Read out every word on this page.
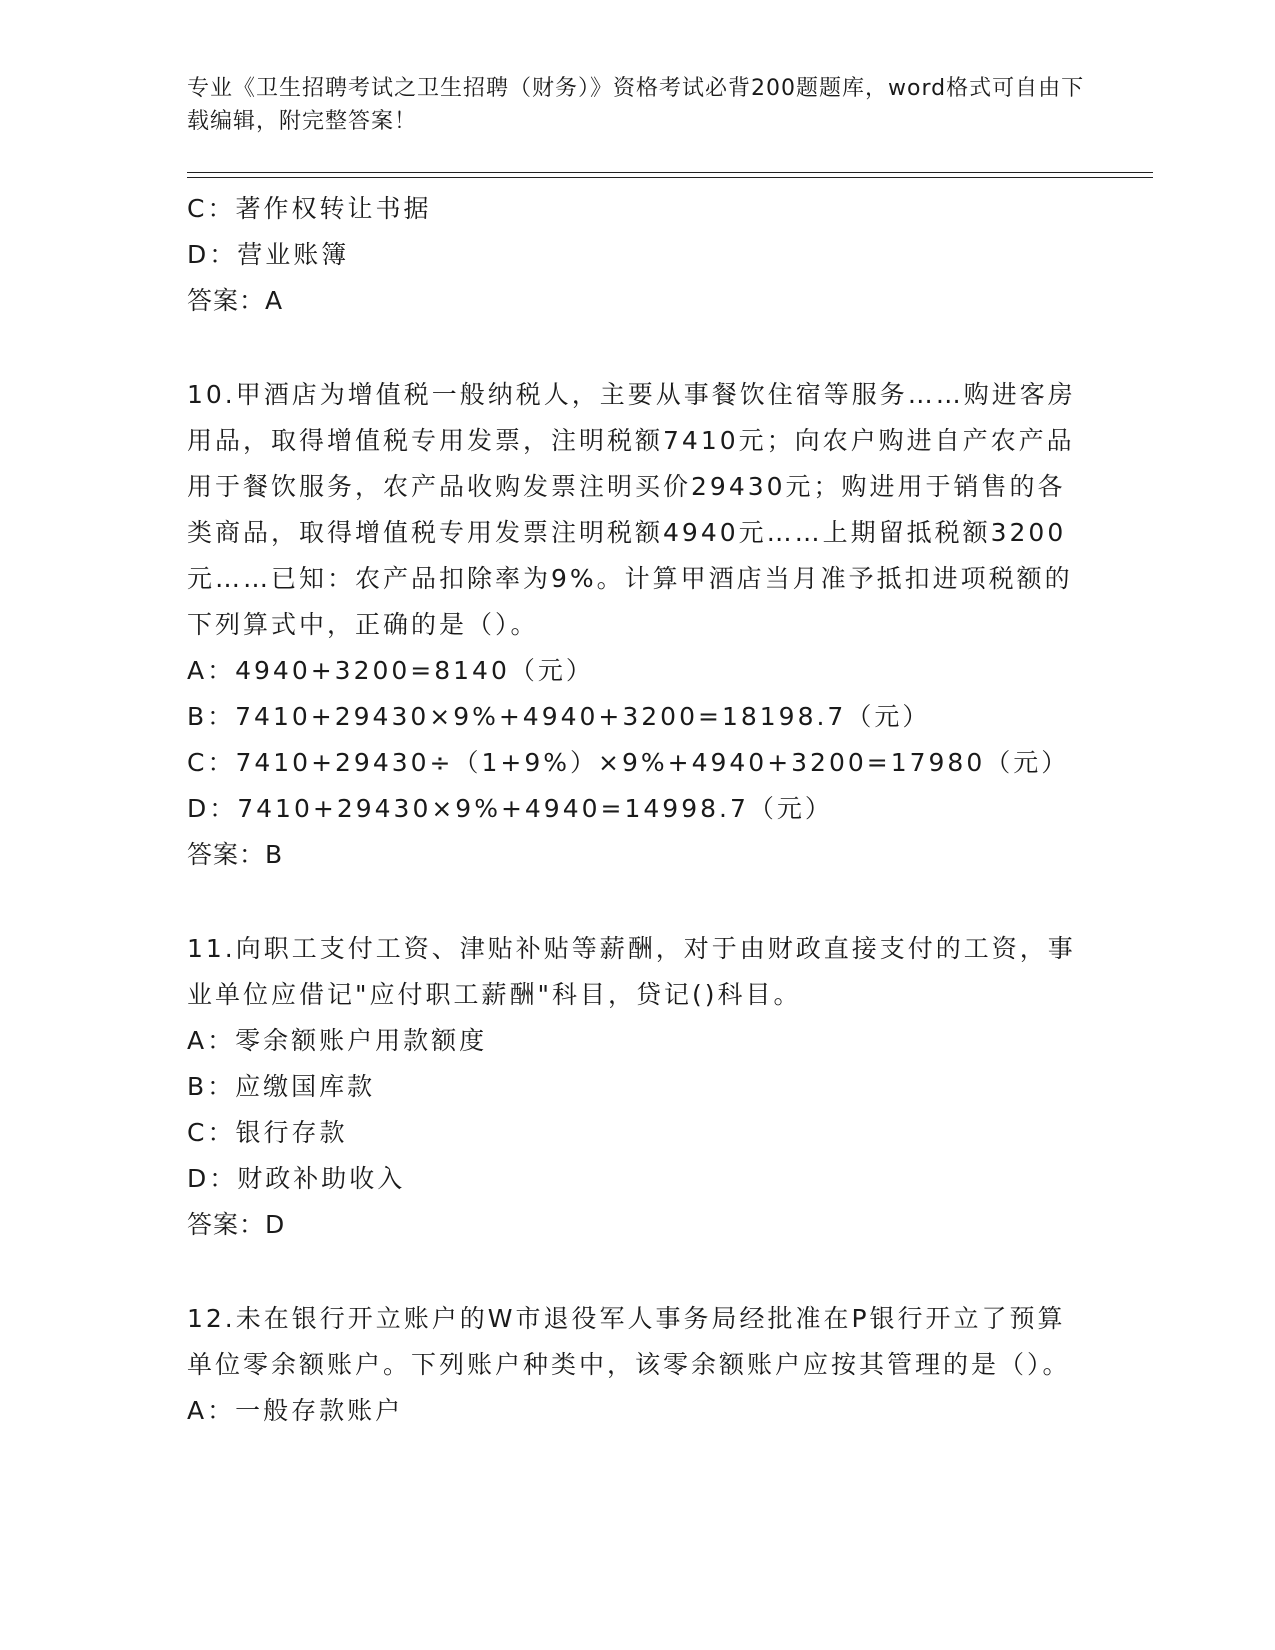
专业《卫生招聘考试之卫生招聘（财务）》资格考试必背200题题库，word格式可自由下载编辑，附完整答案！
C：著作权转让书据
D：营业账簿
答案：A
10.甲酒店为增值税一般纳税人，主要从事餐饮住宿等服务……购进客房用品，取得增值税专用发票，注明税额7410元；向农户购进自产农产品用于餐饮服务，农产品收购发票注明买价29430元；购进用于销售的各类商品，取得增值税专用发票注明税额4940元……上期留抵税额3200元……已知：农产品扣除率为9%。计算甲酒店当月准予抵扣进项税额的下列算式中，正确的是（）。
A：4940+3200=8140（元）
B：7410+29430×9%+4940+3200=18198.7（元）
C：7410+29430÷（1+9%）×9%+4940+3200=17980（元）
D：7410+29430×9%+4940=14998.7（元）
答案：B
11.向职工支付工资、津贴补贴等薪酬，对于由财政直接支付的工资，事业单位应借记"应付职工薪酬"科目，贷记()科目。
A：零余额账户用款额度
B：应缴国库款
C：银行存款
D：财政补助收入
答案：D
12.未在银行开立账户的W市退役军人事务局经批准在P银行开立了预算单位零余额账户。下列账户种类中，该零余额账户应按其管理的是（）。
A：一般存款账户
